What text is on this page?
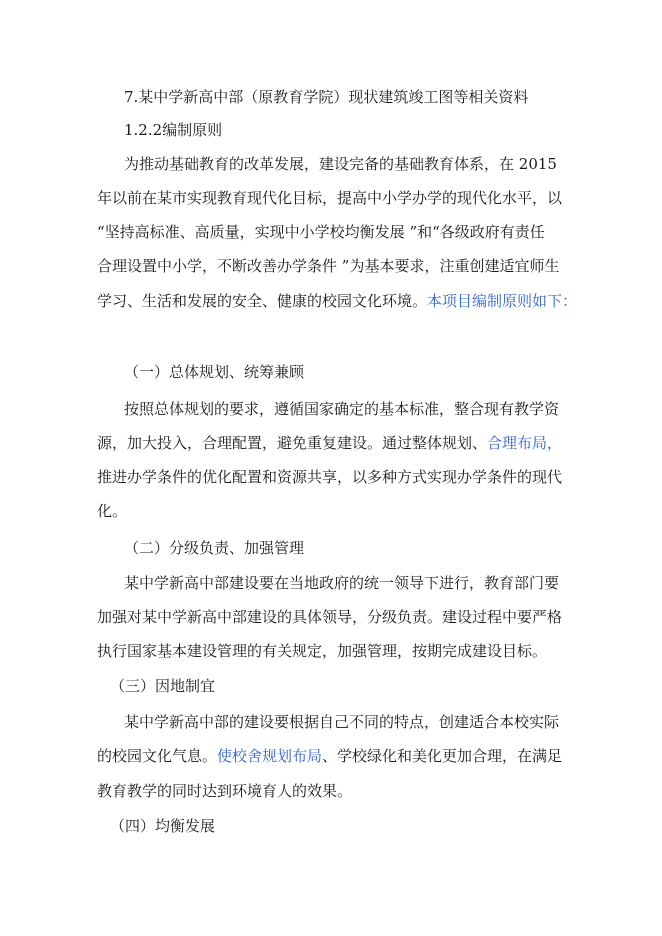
7.某中学新高中部（原教育学院）现状建筑竣工图等相关资料
1.2.2编制原则
为推动基础教育的改革发展，建设完备的基础教育体系，在 2015
年以前在某市实现教育现代化目标，提高中小学办学的现代化水平，以
“坚持高标准、高质量，实现中小学校均衡发展 ”和“各级政府有责任
合理设置中小学，不断改善办学条件 ”为基本要求，注重创建适宜师生
学习、生活和发展的安全、健康的校园文化环境。本项目编制原则如下：
（一）总体规划、统筹兼顾
按照总体规划的要求，遵循国家确定的基本标准，整合现有教学资
源，加大投入，合理配置，避免重复建设。通过整体规划、合理布局，
推进办学条件的优化配置和资源共享，以多种方式实现办学条件的现代
化。
（二）分级负责、加强管理
某中学新高中部建设要在当地政府的统一领导下进行，教育部门要
加强对某中学新高中部建设的具体领导，分级负责。建设过程中要严格
执行国家基本建设管理的有关规定，加强管理，按期完成建设目标。
（三）因地制宜
某中学新高中部的建设要根据自己不同的特点，创建适合本校实际
的校园文化气息。使校舍规划布局、学校绿化和美化更加合理，在满足
教育教学的同时达到环境育人的效果。
（四）均衡发展
